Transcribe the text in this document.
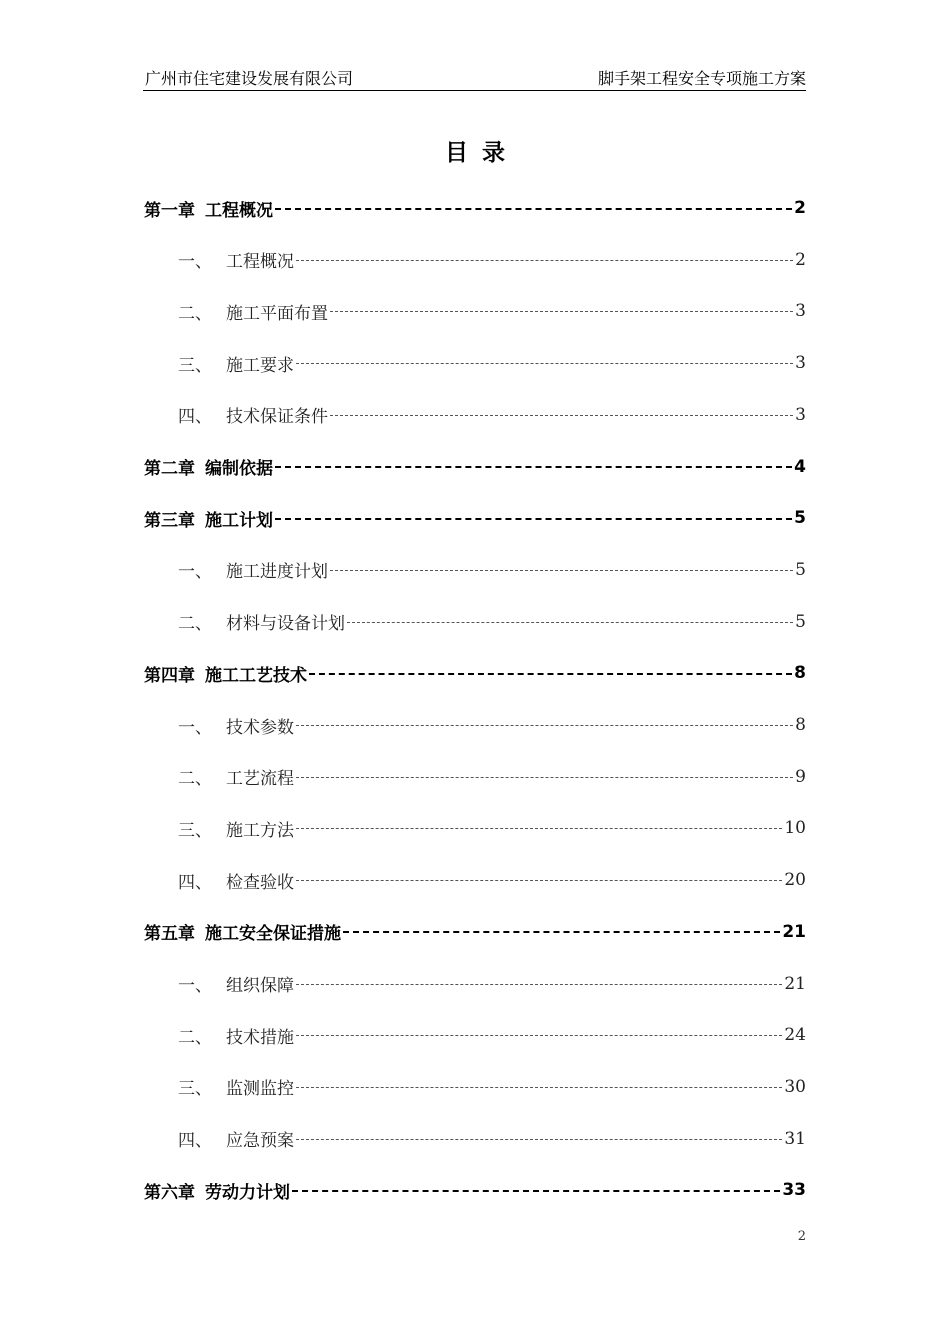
广州市住宅建设发展有限公司	脚手架工程安全专项施工方案
目录
第一章 工程概况	2
一、 工程概况	2
二、 施工平面布置	3
三、 施工要求	3
四、 技术保证条件	3
第二章 编制依据	4
第三章 施工计划	5
一、 施工进度计划	5
二、 材料与设备计划	5
第四章 施工工艺技术	8
一、 技术参数	8
二、 工艺流程	9
三、 施工方法	10
四、 检查验收	20
第五章 施工安全保证措施	21
一、 组织保障	21
二、 技术措施	24
三、 监测监控	30
四、 应急预案	31
第六章 劳动力计划	33
2
